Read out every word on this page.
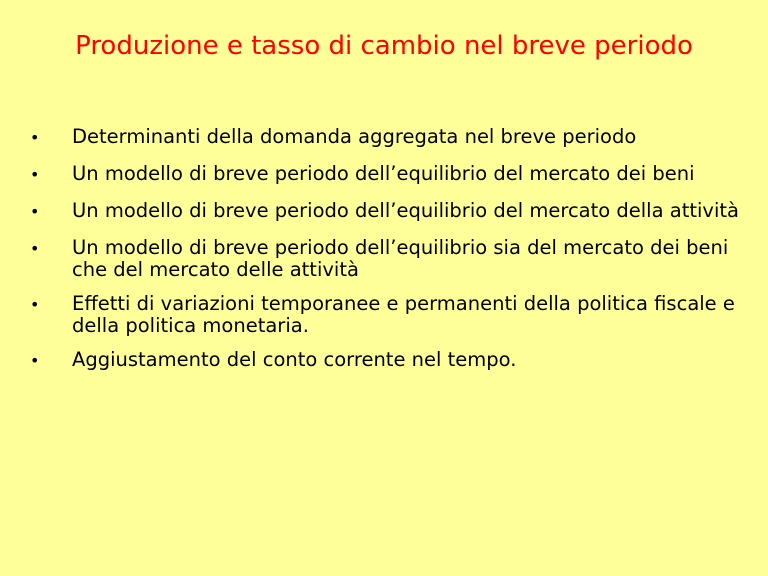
Produzione e tasso di cambio nel breve periodo
•	Determinanti della domanda aggregata nel breve periodo
•	Un modello di breve periodo dell’equilibrio del mercato dei beni
•	Un modello di breve periodo dell’equilibrio del mercato della attività
•	Un modello di breve periodo dell’equilibrio sia del mercato dei beni che del mercato delle attività
•	Effetti di variazioni temporanee e permanenti della politica fiscale e della politica monetaria.
•	Aggiustamento del conto corrente nel tempo.
